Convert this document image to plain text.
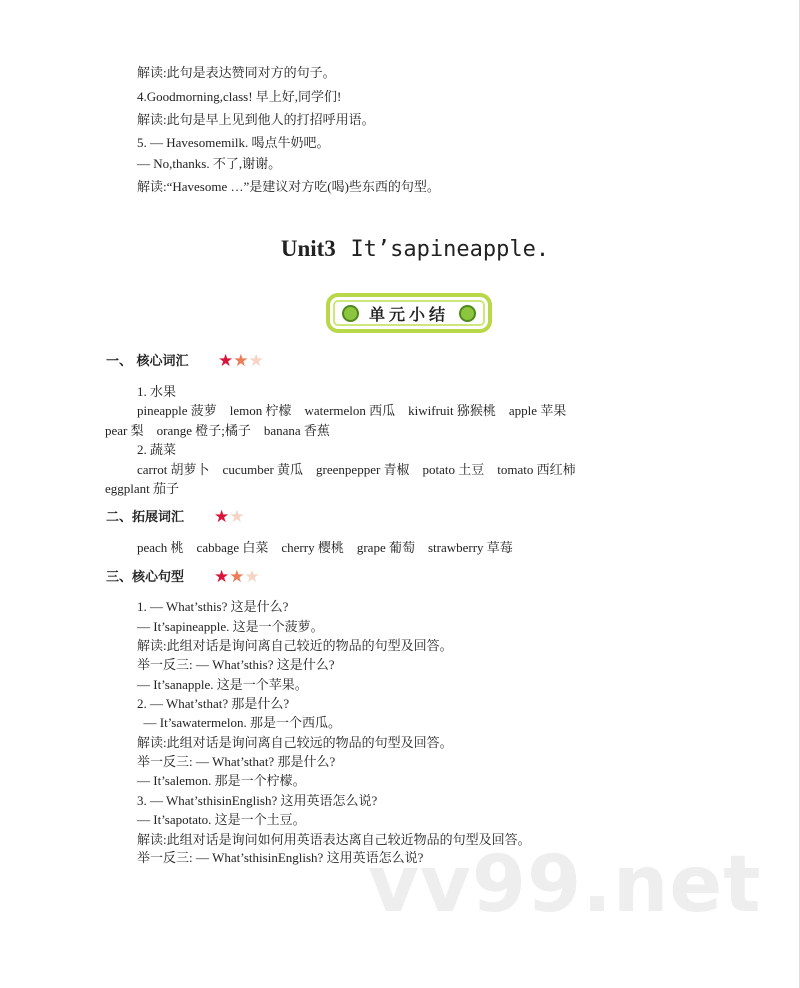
解读:此句是表达赞同对方的句子。
4.Goodmorning,class! 早上好,同学们!
解读:此句是早上见到他人的打招呼用语。
5. — Havesomemilk. 喝点牛奶吧。
— No,thanks. 不了,谢谢。
解读:“Havesome …”是建议对方吃(喝)些东西的句型。
Unit3 It’sapineapple.
单元小结
一、 核心词汇 ★★★
1. 水果
pineapple 菠萝    lemon 柠檬    watermelon 西瓜    kiwifruit 猕猴桃    apple 苹果
pear 梨    orange 橙子;橘子    banana 香蕉
2. 蔬菜
carrot 胡萝卜    cucumber 黄瓜    greenpepper 青椒    potato 土豆    tomato 西红柿
eggplant 茄子
二、拓展词汇 ★★
peach 桃    cabbage 白菜    cherry 樱桃    grape 葡萄    strawberry 草莓
三、核心句型 ★★★
1. — What’sthis? 这是什么?
— It’sapineapple. 这是一个菠萝。
解读:此组对话是询问离自己较近的物品的句型及回答。
举一反三: — What’sthis? 这是什么?
— It’sanapple. 这是一个苹果。
2. — What’sthat? 那是什么?
— It’sawatermelon. 那是一个西瓜。
解读:此组对话是询问离自己较远的物品的句型及回答。
举一反三: — What’sthat? 那是什么?
— It’salemon. 那是一个柠檬。
3. — What’sthisinEnglish? 这用英语怎么说?
— It’sapotato. 这是一个土豆。
解读:此组对话是询问如何用英语表达离自己较近物品的句型及回答。
举一反三: — What’sthisinEnglish? 这用英语怎么说?
vv99.net
